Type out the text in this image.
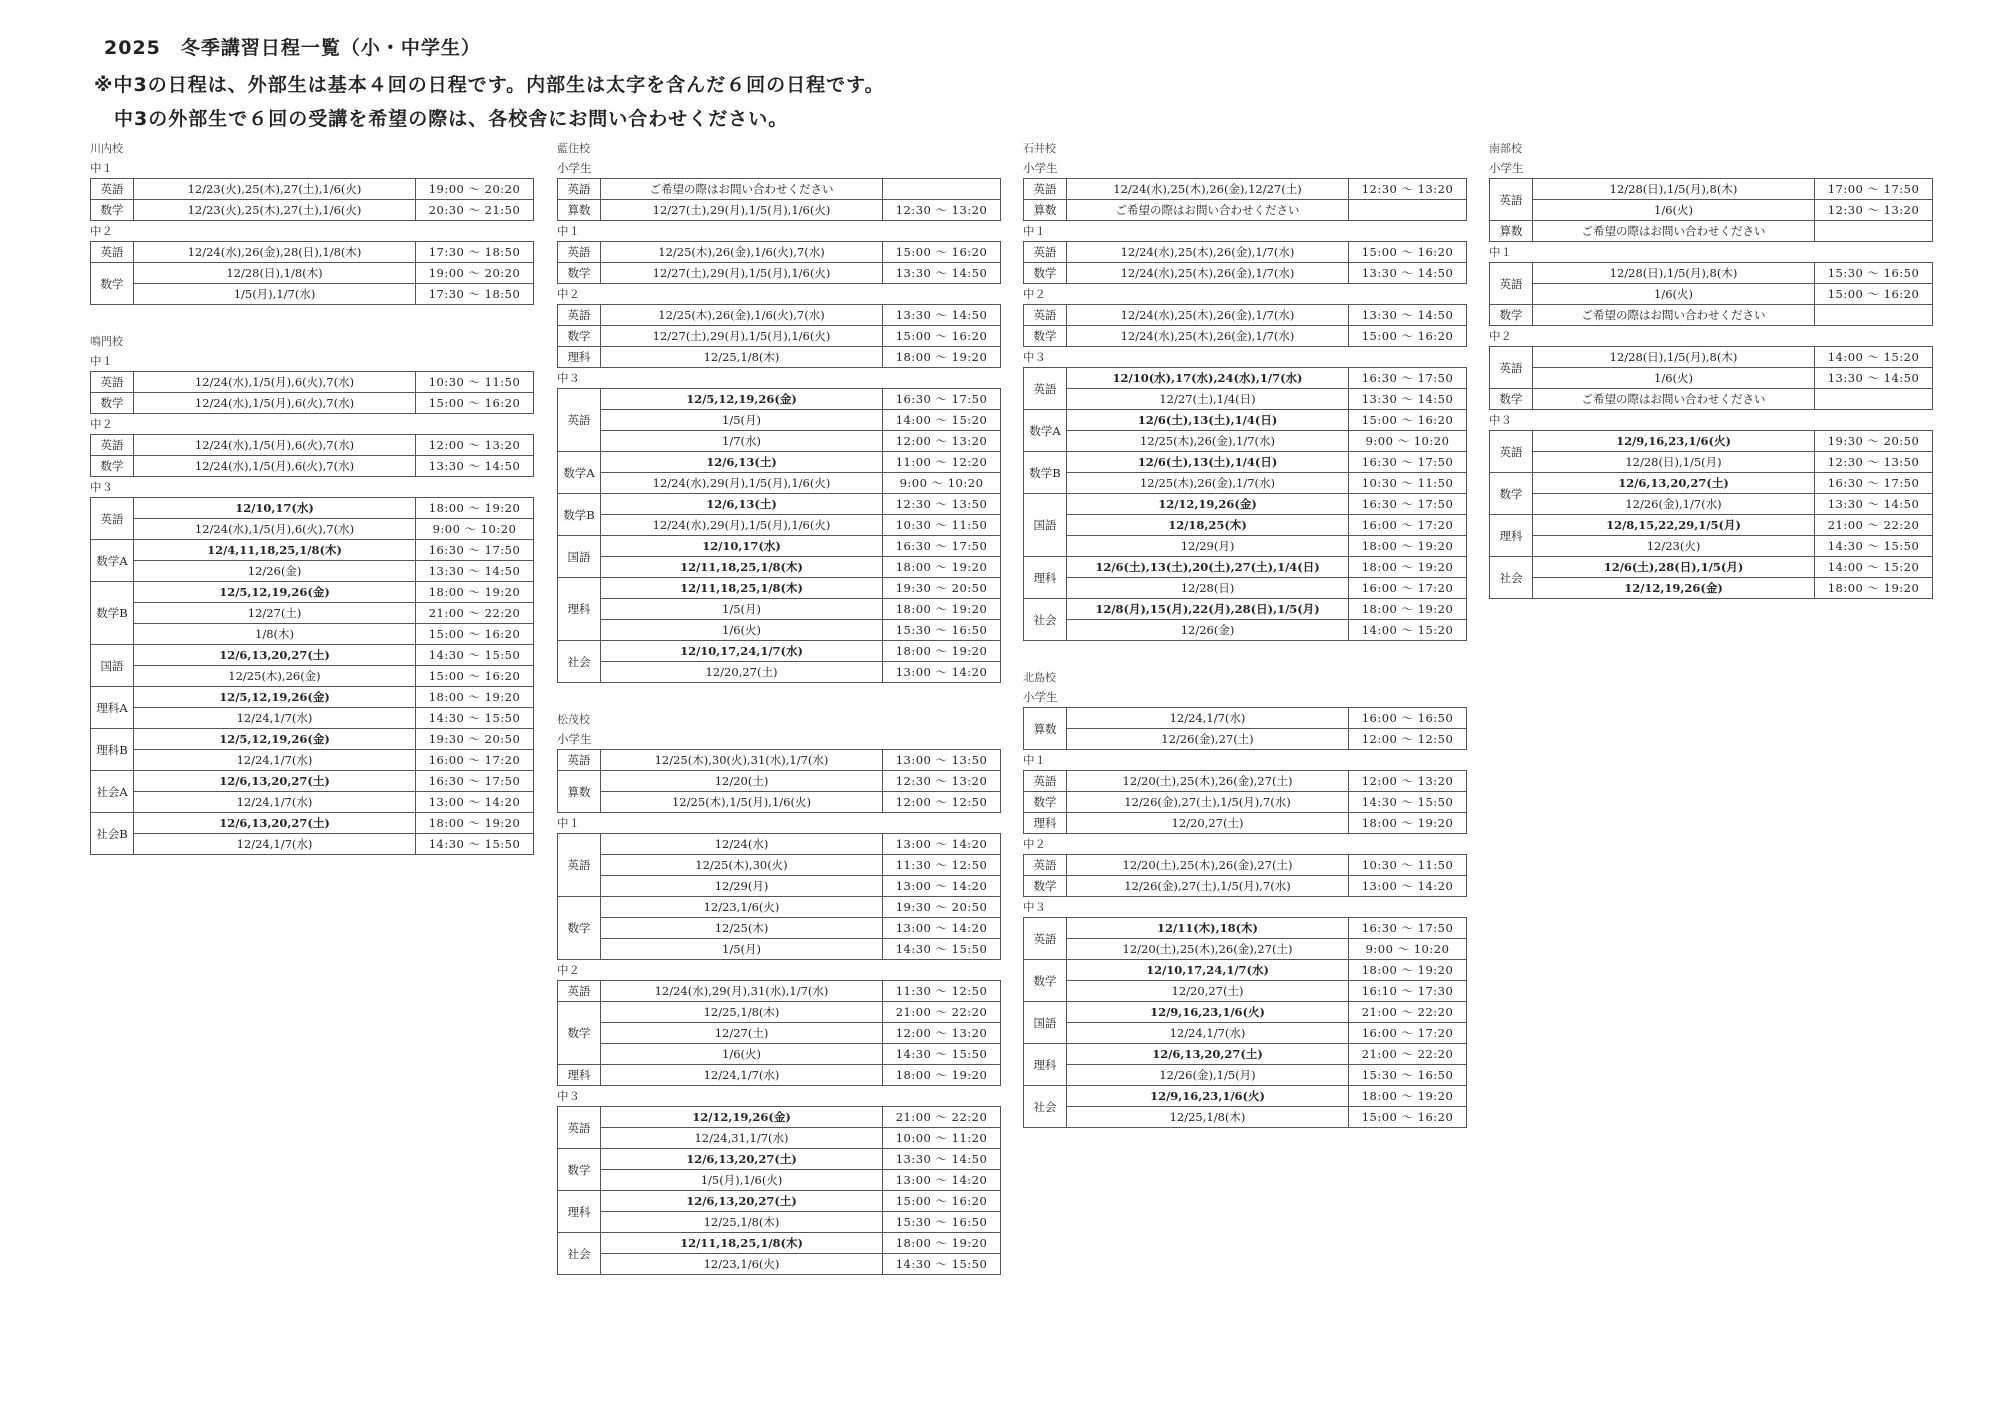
2025　冬季講習日程一覧（小・中学生）
※中3の日程は、外部生は基本４回の日程です。内部生は太字を含んだ６回の日程です。
中3の外部生で６回の受講を希望の際は、各校舎にお問い合わせください。
川内校
中１
英語	12/23(火),25(木),27(土),1/6(火)	19:00 ～ 20:20
数学	12/23(火),25(木),27(土),1/6(火)	20:30 ～ 21:50
中２
英語	12/24(水),26(金),28(日),1/8(木)	17:30 ～ 18:50
数学	12/28(日),1/8(木)	19:00 ～ 20:20
	1/5(月),1/7(水)	17:30 ～ 18:50
鳴門校
中１
英語	12/24(水),1/5(月),6(火),7(水)	10:30 ～ 11:50
数学	12/24(水),1/5(月),6(火),7(水)	15:00 ～ 16:20
中２
英語	12/24(水),1/5(月),6(火),7(水)	12:00 ～ 13:20
数学	12/24(水),1/5(月),6(火),7(水)	13:30 ～ 14:50
中３
英語	12/10,17(水)	18:00 ～ 19:20
	12/24(水),1/5(月),6(火),7(水)	9:00 ～ 10:20
数学A	12/4,11,18,25,1/8(木)	16:30 ～ 17:50
	12/26(金)	13:30 ～ 14:50
数学B	12/5,12,19,26(金)	18:00 ～ 19:20
	12/27(土)	21:00 ～ 22:20
	1/8(木)	15:00 ～ 16:20
国語	12/6,13,20,27(土)	14:30 ～ 15:50
	12/25(木),26(金)	15:00 ～ 16:20
理科A	12/5,12,19,26(金)	18:00 ～ 19:20
	12/24,1/7(水)	14:30 ～ 15:50
理科B	12/5,12,19,26(金)	19:30 ～ 20:50
	12/24,1/7(水)	16:00 ～ 17:20
社会A	12/6,13,20,27(土)	16:30 ～ 17:50
	12/24,1/7(水)	13:00 ～ 14:20
社会B	12/6,13,20,27(土)	18:00 ～ 19:20
	12/24,1/7(水)	14:30 ～ 15:50
藍住校
小学生
英語	ご希望の際はお問い合わせください	
算数	12/27(土),29(月),1/5(月),1/6(火)	12:30 ～ 13:20
中１
英語	12/25(木),26(金),1/6(火),7(水)	15:00 ～ 16:20
数学	12/27(土),29(月),1/5(月),1/6(火)	13:30 ～ 14:50
中２
英語	12/25(木),26(金),1/6(火),7(水)	13:30 ～ 14:50
数学	12/27(土),29(月),1/5(月),1/6(火)	15:00 ～ 16:20
理科	12/25,1/8(木)	18:00 ～ 19:20
中３
英語	12/5,12,19,26(金)	16:30 ～ 17:50
	1/5(月)	14:00 ～ 15:20
	1/7(水)	12:00 ～ 13:20
数学A	12/6,13(土)	11:00 ～ 12:20
	12/24(水),29(月),1/5(月),1/6(火)	9:00 ～ 10:20
数学B	12/6,13(土)	12:30 ～ 13:50
	12/24(水),29(月),1/5(月),1/6(火)	10:30 ～ 11:50
国語	12/10,17(水)	16:30 ～ 17:50
	12/11,18,25,1/8(木)	18:00 ～ 19:20
理科	12/11,18,25,1/8(木)	19:30 ～ 20:50
	1/5(月)	18:00 ～ 19:20
	1/6(火)	15:30 ～ 16:50
社会	12/10,17,24,1/7(水)	18:00 ～ 19:20
	12/20,27(土)	13:00 ～ 14:20
松茂校
小学生
英語	12/25(木),30(火),31(水),1/7(水)	13:00 ～ 13:50
算数	12/20(土)	12:30 ～ 13:20
	12/25(木),1/5(月),1/6(火)	12:00 ～ 12:50
中１
英語	12/24(水)	13:00 ～ 14:20
	12/25(木),30(火)	11:30 ～ 12:50
	12/29(月)	13:00 ～ 14:20
数学	12/23,1/6(火)	19:30 ～ 20:50
	12/25(木)	13:00 ～ 14:20
	1/5(月)	14:30 ～ 15:50
中２
英語	12/24(水),29(月),31(水),1/7(水)	11:30 ～ 12:50
数学	12/25,1/8(木)	21:00 ～ 22:20
	12/27(土)	12:00 ～ 13:20
	1/6(火)	14:30 ～ 15:50
理科	12/24,1/7(水)	18:00 ～ 19:20
中３
英語	12/12,19,26(金)	21:00 ～ 22:20
	12/24,31,1/7(水)	10:00 ～ 11:20
数学	12/6,13,20,27(土)	13:30 ～ 14:50
	1/5(月),1/6(火)	13:00 ～ 14:20
理科	12/6,13,20,27(土)	15:00 ～ 16:20
	12/25,1/8(木)	15:30 ～ 16:50
社会	12/11,18,25,1/8(木)	18:00 ～ 19:20
	12/23,1/6(火)	14:30 ～ 15:50
石井校
小学生
英語	12/24(水),25(木),26(金),12/27(土)	12:30 ～ 13:20
算数	ご希望の際はお問い合わせください	
中１
英語	12/24(水),25(木),26(金),1/7(水)	15:00 ～ 16:20
数学	12/24(水),25(木),26(金),1/7(水)	13:30 ～ 14:50
中２
英語	12/24(水),25(木),26(金),1/7(水)	13:30 ～ 14:50
数学	12/24(水),25(木),26(金),1/7(水)	15:00 ～ 16:20
中３
英語	12/10(水),17(水),24(水),1/7(水)	16:30 ～ 17:50
	12/27(土),1/4(日)	13:30 ～ 14:50
数学A	12/6(土),13(土),1/4(日)	15:00 ～ 16:20
	12/25(木),26(金),1/7(水)	9:00 ～ 10:20
数学B	12/6(土),13(土),1/4(日)	16:30 ～ 17:50
	12/25(木),26(金),1/7(水)	10:30 ～ 11:50
国語	12/12,19,26(金)	16:30 ～ 17:50
	12/18,25(木)	16:00 ～ 17:20
	12/29(月)	18:00 ～ 19:20
理科	12/6(土),13(土),20(土),27(土),1/4(日)	18:00 ～ 19:20
	12/28(日)	16:00 ～ 17:20
社会	12/8(月),15(月),22(月),28(日),1/5(月)	18:00 ～ 19:20
	12/26(金)	14:00 ～ 15:20
北島校
小学生
算数	12/24,1/7(水)	16:00 ～ 16:50
	12/26(金),27(土)	12:00 ～ 12:50
中１
英語	12/20(土),25(木),26(金),27(土)	12:00 ～ 13:20
数学	12/26(金),27(土),1/5(月),7(水)	14:30 ～ 15:50
理科	12/20,27(土)	18:00 ～ 19:20
中２
英語	12/20(土),25(木),26(金),27(土)	10:30 ～ 11:50
数学	12/26(金),27(土),1/5(月),7(水)	13:00 ～ 14:20
中３
英語	12/11(木),18(木)	16:30 ～ 17:50
	12/20(土),25(木),26(金),27(土)	9:00 ～ 10:20
数学	12/10,17,24,1/7(水)	18:00 ～ 19:20
	12/20,27(土)	16:10 ～ 17:30
国語	12/9,16,23,1/6(火)	21:00 ～ 22:20
	12/24,1/7(水)	16:00 ～ 17:20
理科	12/6,13,20,27(土)	21:00 ～ 22:20
	12/26(金),1/5(月)	15:30 ～ 16:50
社会	12/9,16,23,1/6(火)	18:00 ～ 19:20
	12/25,1/8(木)	15:00 ～ 16:20
南部校
小学生
英語	12/28(日),1/5(月),8(木)	17:00 ～ 17:50
	1/6(火)	12:30 ～ 13:20
算数	ご希望の際はお問い合わせください	
中１
英語	12/28(日),1/5(月),8(木)	15:30 ～ 16:50
	1/6(火)	15:00 ～ 16:20
数学	ご希望の際はお問い合わせください	
中２
英語	12/28(日),1/5(月),8(木)	14:00 ～ 15:20
	1/6(火)	13:30 ～ 14:50
数学	ご希望の際はお問い合わせください	
中３
英語	12/9,16,23,1/6(火)	19:30 ～ 20:50
	12/28(日),1/5(月)	12:30 ～ 13:50
数学	12/6,13,20,27(土)	16:30 ～ 17:50
	12/26(金),1/7(水)	13:30 ～ 14:50
理科	12/8,15,22,29,1/5(月)	21:00 ～ 22:20
	12/23(火)	14:30 ～ 15:50
社会	12/6(土),28(日),1/5(月)	14:00 ～ 15:20
	12/12,19,26(金)	18:00 ～ 19:20
